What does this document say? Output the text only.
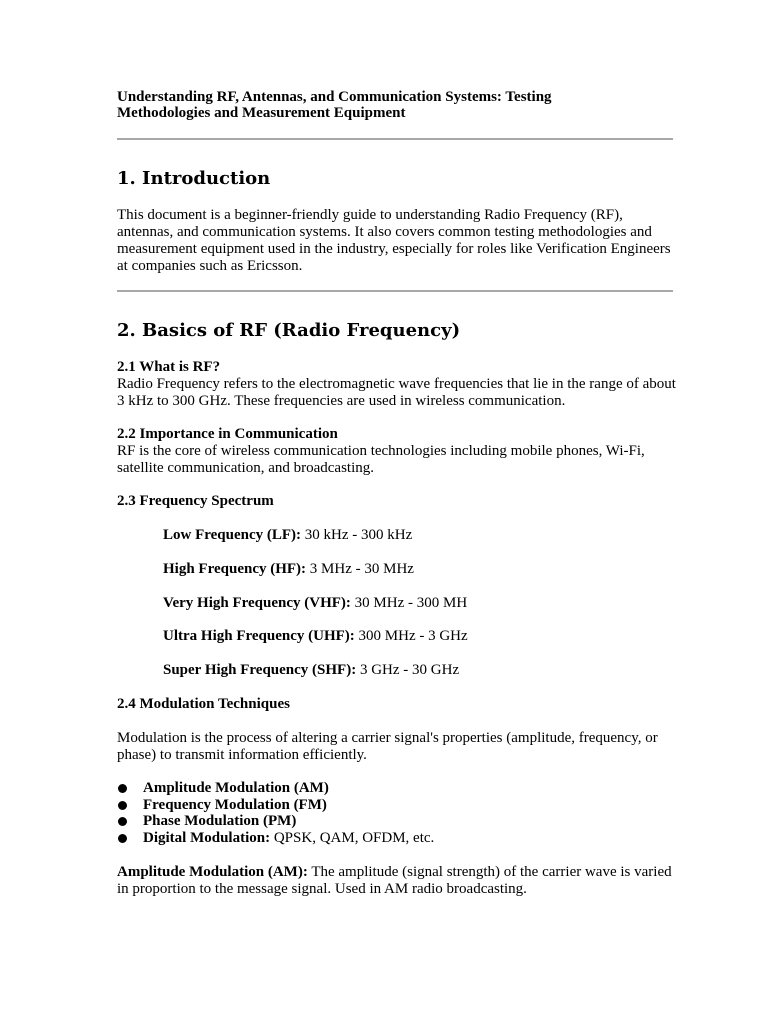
Understanding RF, Antennas, and Communication Systems: Testing Methodologies and Measurement Equipment

1. Introduction

This document is a beginner-friendly guide to understanding Radio Frequency (RF), antennas, and communication systems. It also covers common testing methodologies and measurement equipment used in the industry, especially for roles like Verification Engineers at companies such as Ericsson.

2. Basics of RF (Radio Frequency)

2.1 What is RF?
Radio Frequency refers to the electromagnetic wave frequencies that lie in the range of about 3 kHz to 300 GHz. These frequencies are used in wireless communication.

2.2 Importance in Communication
RF is the core of wireless communication technologies including mobile phones, Wi-Fi, satellite communication, and broadcasting.

2.3 Frequency Spectrum

Low Frequency (LF): 30 kHz - 300 kHz

High Frequency (HF): 3 MHz - 30 MHz

Very High Frequency (VHF): 30 MHz - 300 MH

Ultra High Frequency (UHF): 300 MHz - 3 GHz

Super High Frequency (SHF): 3 GHz - 30 GHz

2.4 Modulation Techniques

Modulation is the process of altering a carrier signal's properties (amplitude, frequency, or phase) to transmit information efficiently.

Amplitude Modulation (AM)
Frequency Modulation (FM)
Phase Modulation (PM)
Digital Modulation: QPSK, QAM, OFDM, etc.

Amplitude Modulation (AM): The amplitude (signal strength) of the carrier wave is varied in proportion to the message signal. Used in AM radio broadcasting.
